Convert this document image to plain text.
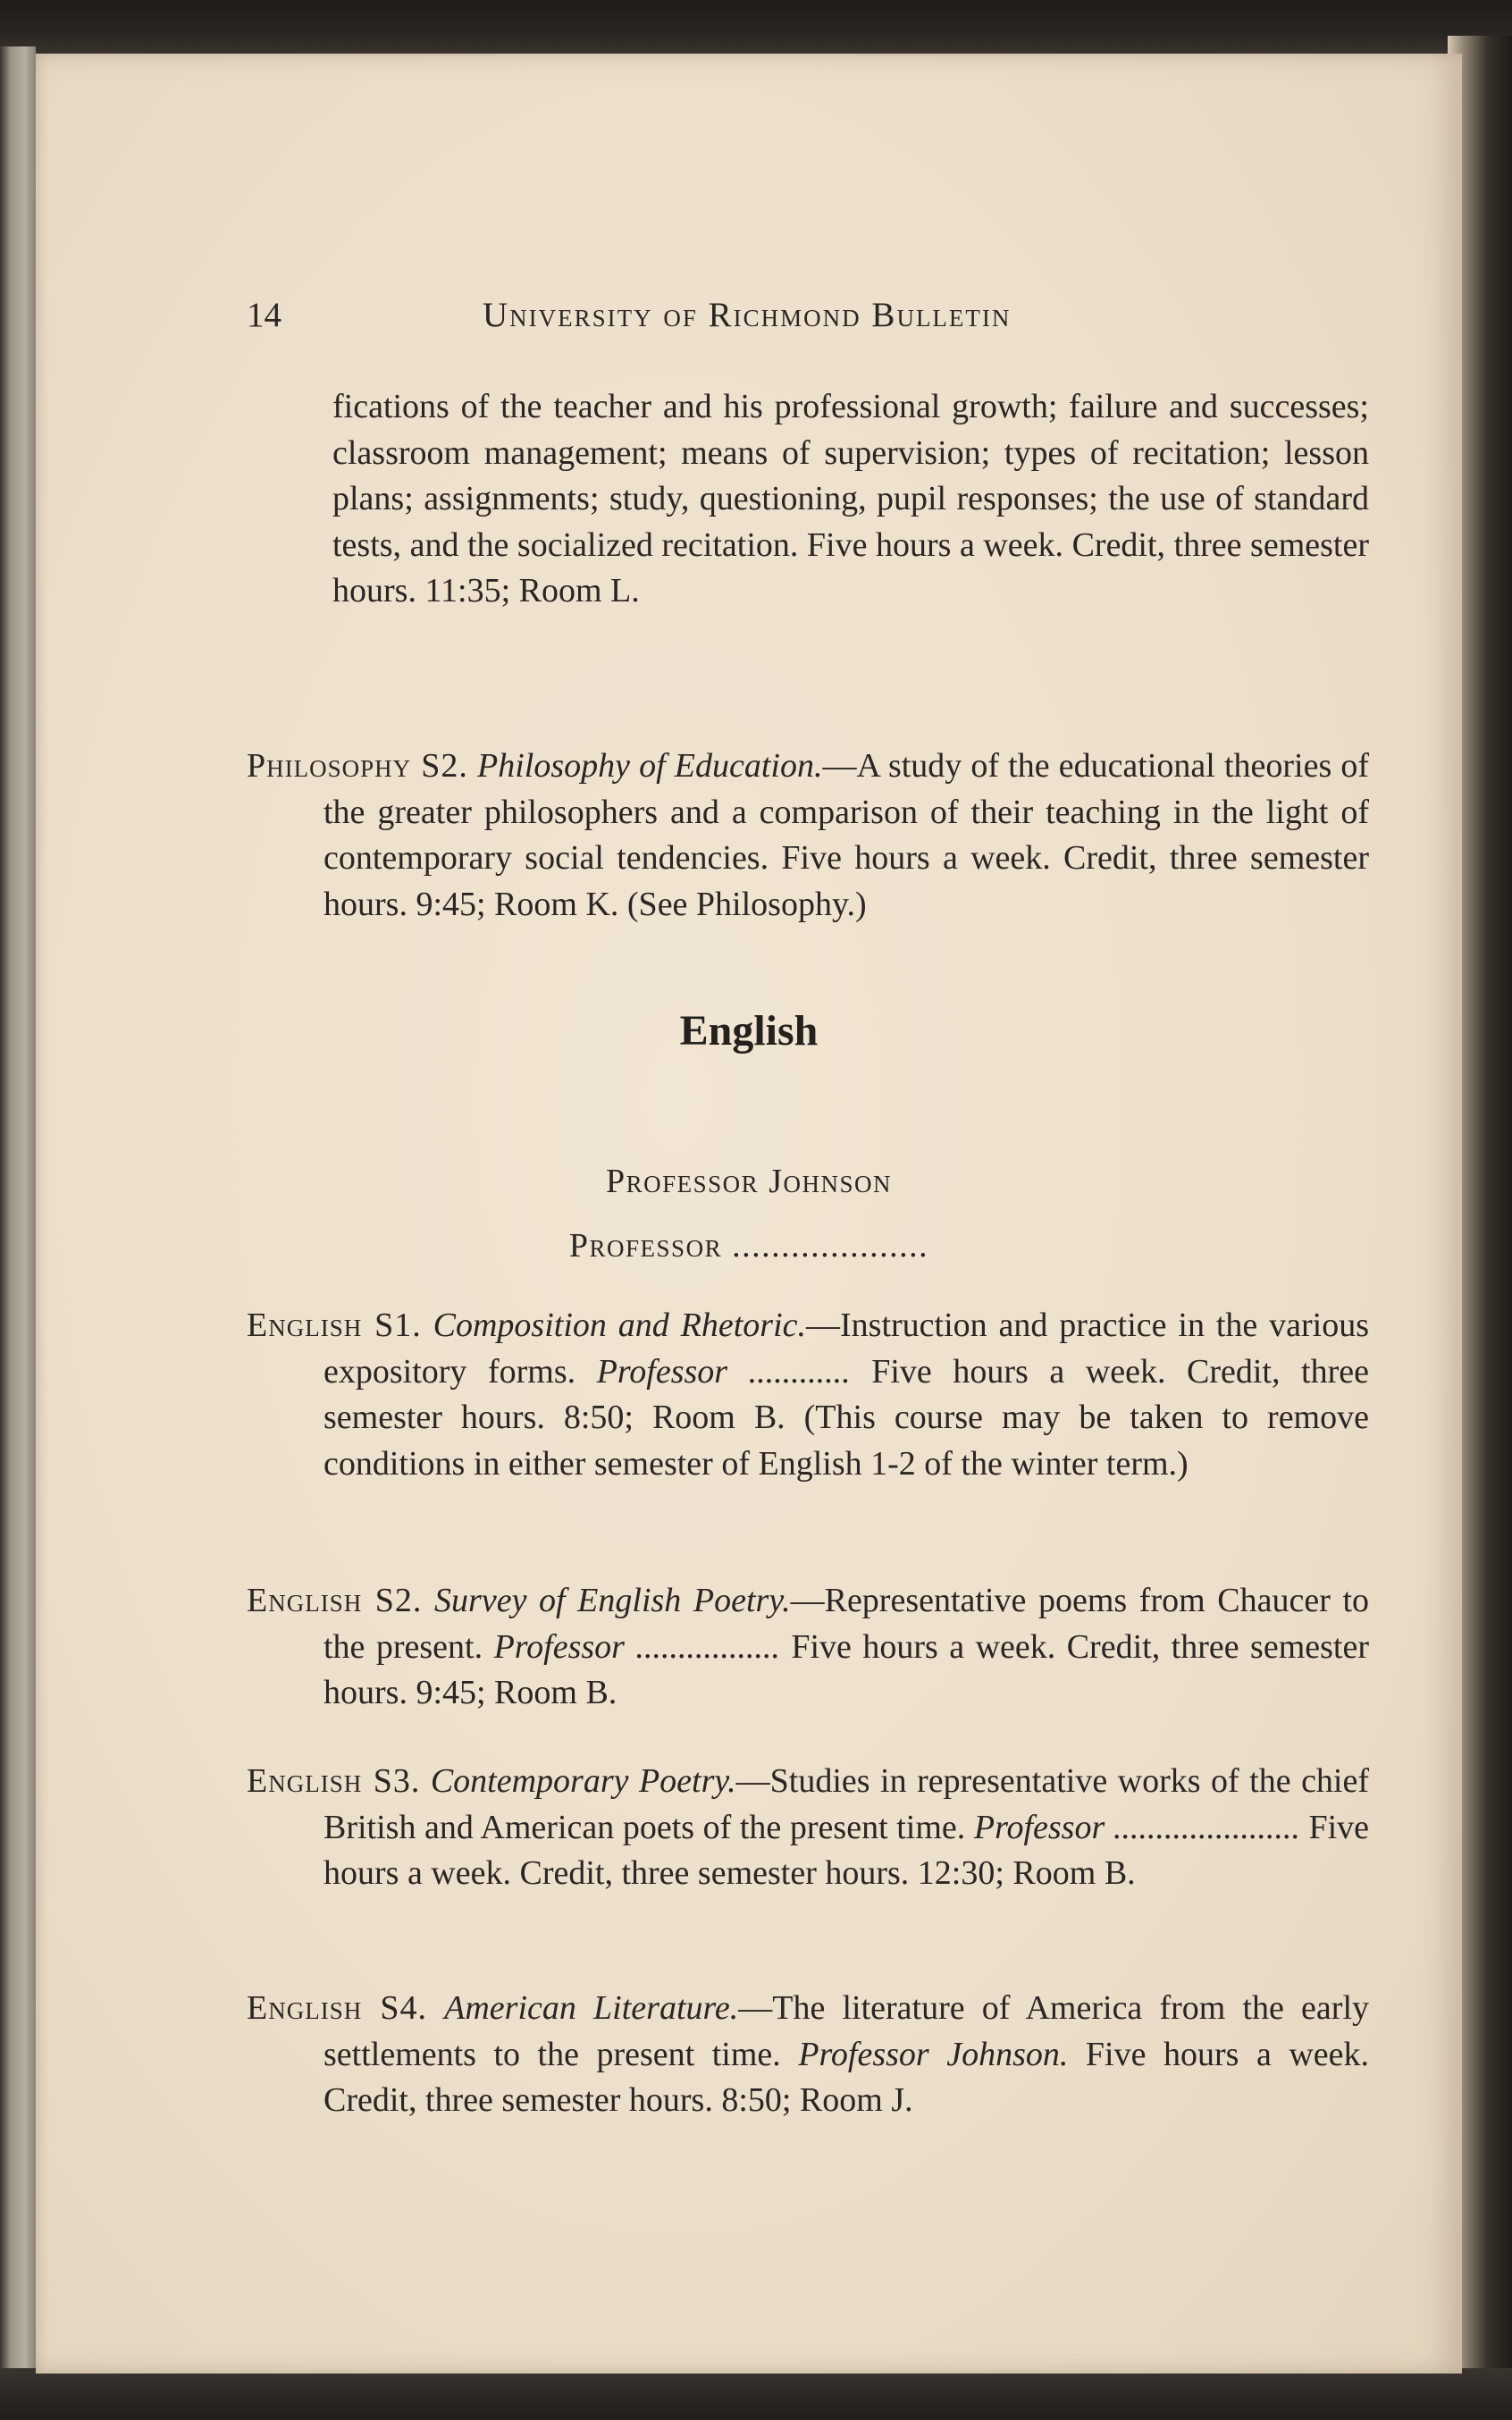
14	University of Richmond Bulletin
fications of the teacher and his professional growth; failure and successes; classroom management; means of supervision; types of recitation; lesson plans; assignments; study, questioning, pupil responses; the use of standard tests, and the socialized recitation. Five hours a week. Credit, three semester hours. 11:35; Room L.
Philosophy S2. Philosophy of Education.—A study of the educational theories of the greater philosophers and a comparison of their teaching in the light of contemporary social tendencies. Five hours a week. Credit, three semester hours. 9:45; Room K. (See Philosophy.)
English
Professor Johnson
Professor ....................
English S1. Composition and Rhetoric.—Instruction and practice in the various expository forms. Professor ............ Five hours a week. Credit, three semester hours. 8:50; Room B. (This course may be taken to remove conditions in either semester of English 1-2 of the winter term.)
English S2. Survey of English Poetry.—Representative poems from Chaucer to the present. Professor ................. Five hours a week. Credit, three semester hours. 9:45; Room B.
English S3. Contemporary Poetry.—Studies in representative works of the chief British and American poets of the present time. Professor ...................... Five hours a week. Credit, three semester hours. 12:30; Room B.
English S4. American Literature.—The literature of America from the early settlements to the present time. Professor Johnson. Five hours a week. Credit, three semester hours. 8:50; Room J.
